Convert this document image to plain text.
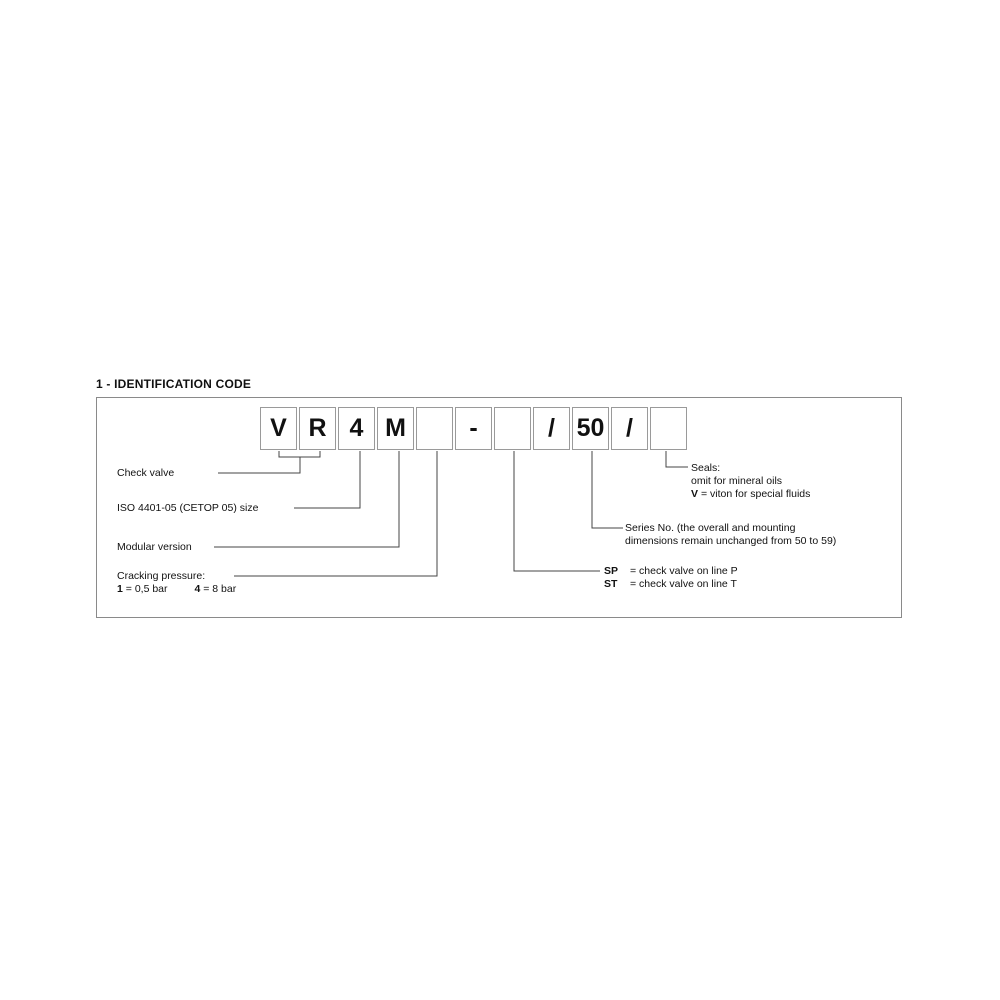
1 - IDENTIFICATION CODE
V R 4 M	-	/ 50 /
Check valve
ISO 4401-05 (CETOP 05) size
Modular version
Cracking pressure:
1 = 0,5 bar	4 = 8 bar
Seals:
omit for mineral oils
V = viton for special fluids
Series No. (the overall and mounting
dimensions remain unchanged from 50 to 59)
SP = check valve on line P
ST = check valve on line T
